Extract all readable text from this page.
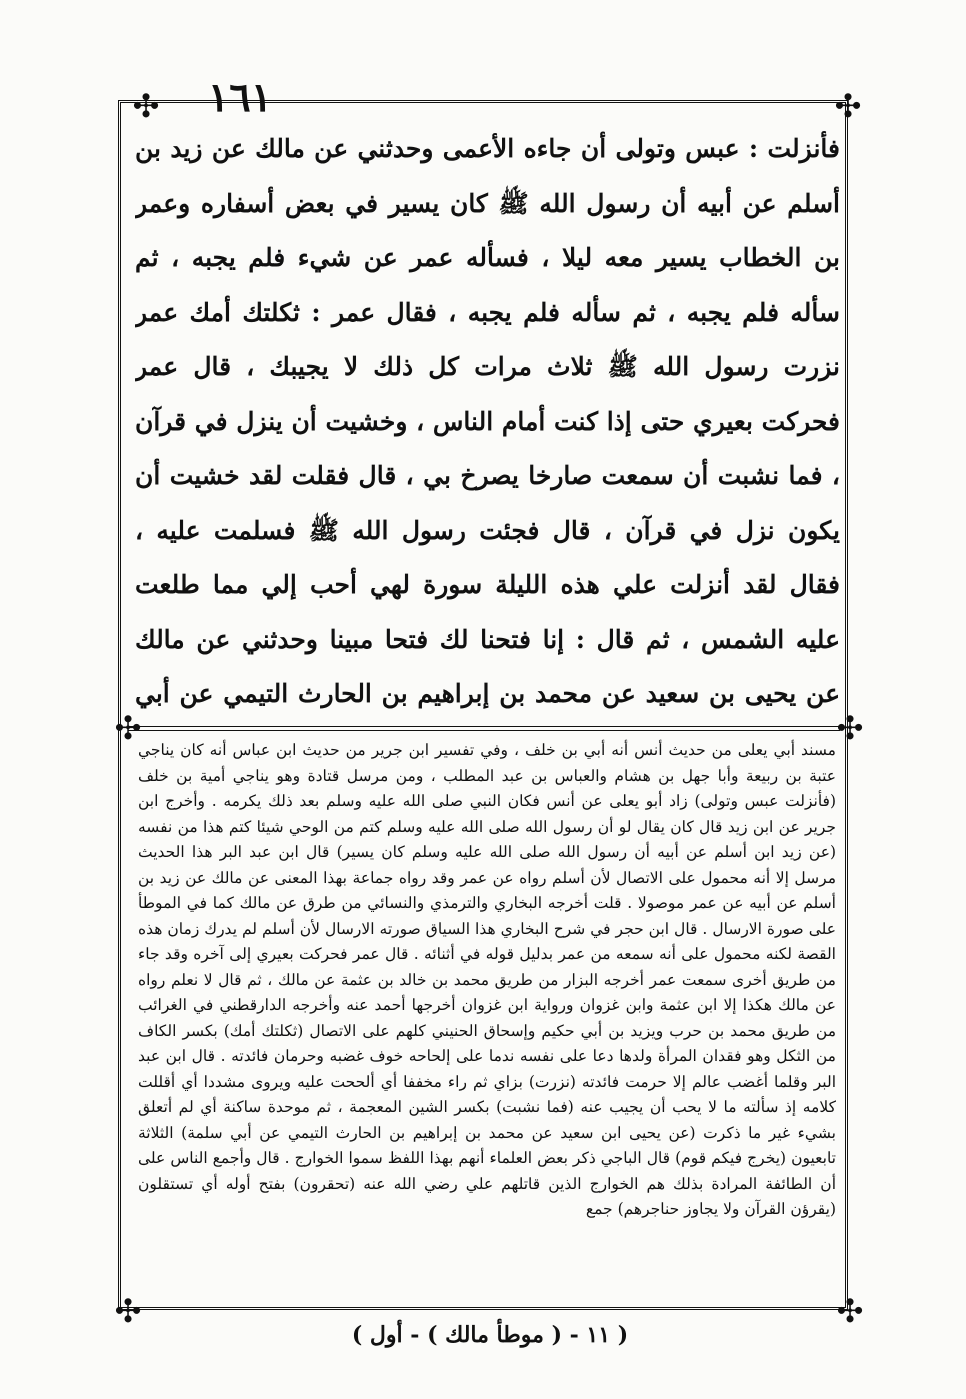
١٦١
✣	✣
✣	✣
✣	✣

فأنزلت : عبس وتولى أن جاءه الأعمى وحدثني عن مالك عن زيد بن أسلم عن أبيه أن رسول الله ﷺ كان يسير في بعض أسفاره وعمر بن الخطاب يسير معه ليلا ، فسأله عمر عن شيء فلم يجبه ، ثم سأله فلم يجبه ، ثم سأله فلم يجبه ، فقال عمر : ثكلتك أمك عمر نزرت رسول الله ﷺ ثلاث مرات كل ذلك لا يجيبك ، قال عمر فحركت بعيري حتى إذا كنت أمام الناس ، وخشيت أن ينزل في قرآن ، فما نشبت أن سمعت صارخا يصرخ بي ، قال فقلت لقد خشيت أن يكون نزل في قرآن ، قال فجئت رسول الله ﷺ فسلمت عليه ، فقال لقد أنزلت علي هذه الليلة سورة لهي أحب إلي مما طلعت عليه الشمس ، ثم قال : إنا فتحنا لك فتحا مبينا وحدثني عن مالك عن يحيى بن سعيد عن محمد بن إبراهيم بن الحارث التيمي عن أبي

مسند أبي يعلى من حديث أنس أنه أبي بن خلف ، وفي تفسير ابن جرير من حديث ابن عباس أنه كان يناجي عتبة بن ربيعة وأبا جهل بن هشام والعباس بن عبد المطلب ، ومن مرسل قتادة وهو يناجي أمية بن خلف (فأنزلت عبس وتولى) زاد أبو يعلى عن أنس فكان النبي صلى الله عليه وسلم بعد ذلك يكرمه . وأخرج ابن جرير عن ابن زيد قال كان يقال لو أن رسول الله صلى الله عليه وسلم كتم من الوحي شيئا كتم هذا من نفسه (عن زيد ابن أسلم عن أبيه أن رسول الله صلى الله عليه وسلم كان يسير) قال ابن عبد البر هذا الحديث مرسل إلا أنه محمول على الاتصال لأن أسلم رواه عن عمر وقد رواه جماعة بهذا المعنى عن مالك عن زيد بن أسلم عن أبيه عن عمر موصولا . قلت أخرجه البخاري والترمذي والنسائي من طرق عن مالك كما في الموطأ على صورة الارسال . قال ابن حجر في شرح البخاري هذا السياق صورته الارسال لأن أسلم لم يدرك زمان هذه القصة لكنه محمول على أنه سمعه من عمر بدليل قوله في أثنائه . قال عمر فحركت بعيري إلى آخره وقد جاء من طريق أخرى سمعت عمر أخرجه البزار من طريق محمد بن خالد بن عثمة عن مالك ، ثم قال لا نعلم رواه عن مالك هكذا إلا ابن عثمة وابن غزوان ورواية ابن غزوان أخرجها أحمد عنه وأخرجه الدارقطني في الغرائب من طريق محمد بن حرب ويزيد بن أبي حكيم وإسحاق الحنيني كلهم على الاتصال (ثكلتك أمك) بكسر الكاف من الثكل وهو فقدان المرأة ولدها دعا على نفسه ندما على إلحاحه خوف غضبه وحرمان فائدته . قال ابن عبد البر وقلما أغضب عالم إلا حرمت فائدته (نزرت) بزاي ثم راء مخففا أي ألححت عليه ويروى مشددا أي أقللت كلامه إذ سألته ما لا يحب أن يجيب عنه (فما نشبت) بكسر الشين المعجمة ، ثم موحدة ساكنة أي لم أتعلق بشيء غير ما ذكرت (عن يحيى ابن سعيد عن محمد بن إبراهيم بن الحارث التيمي عن أبي سلمة) الثلاثة تابعيون (يخرج فيكم قوم) قال الباجي ذكر بعض العلماء أنهم بهذا اللفظ سموا الخوارج . قال وأجمع الناس على أن الطائفة المرادة بذلك هم الخوارج الذين قاتلهم علي رضي الله عنه (تحقرون) بفتح أوله أي تستقلون (يقرؤن القرآن ولا يجاوز حناجرهم) جمع

( ١١ - ( موطأ مالك ) - أول )
